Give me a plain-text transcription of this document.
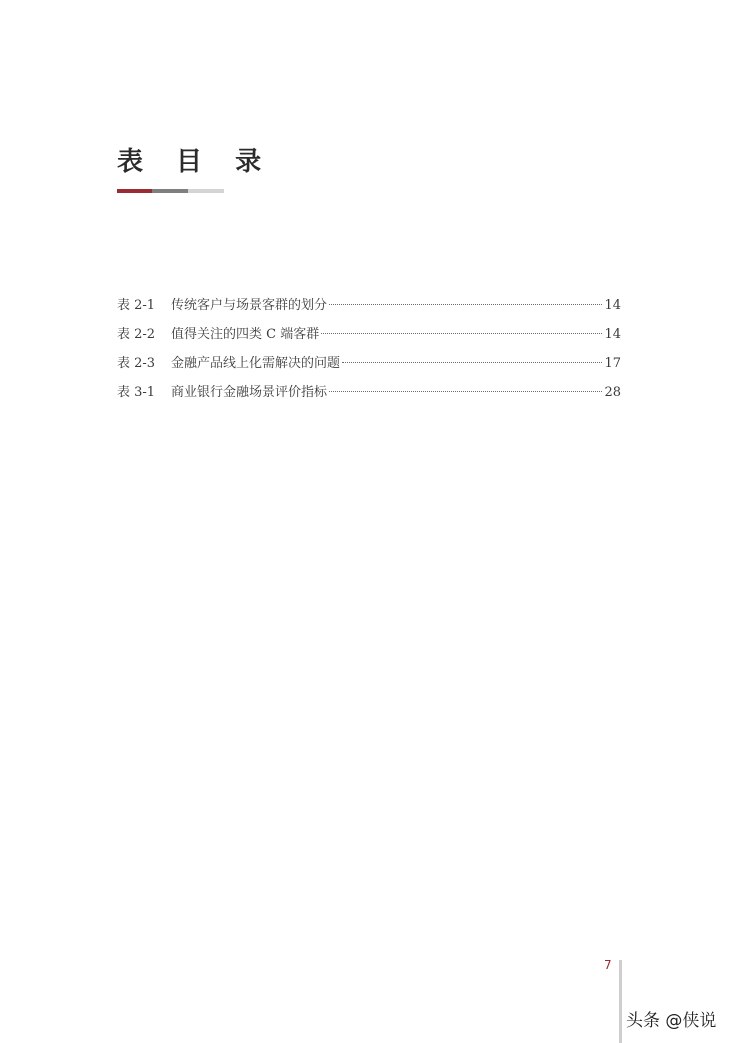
表 目 录
表 2-1	传统客户与场景客群的划分	14
表 2-2	值得关注的四类 C 端客群	14
表 2-3	金融产品线上化需解决的问题	17
表 3-1	商业银行金融场景评价指标	28
7
头条 @侠说
